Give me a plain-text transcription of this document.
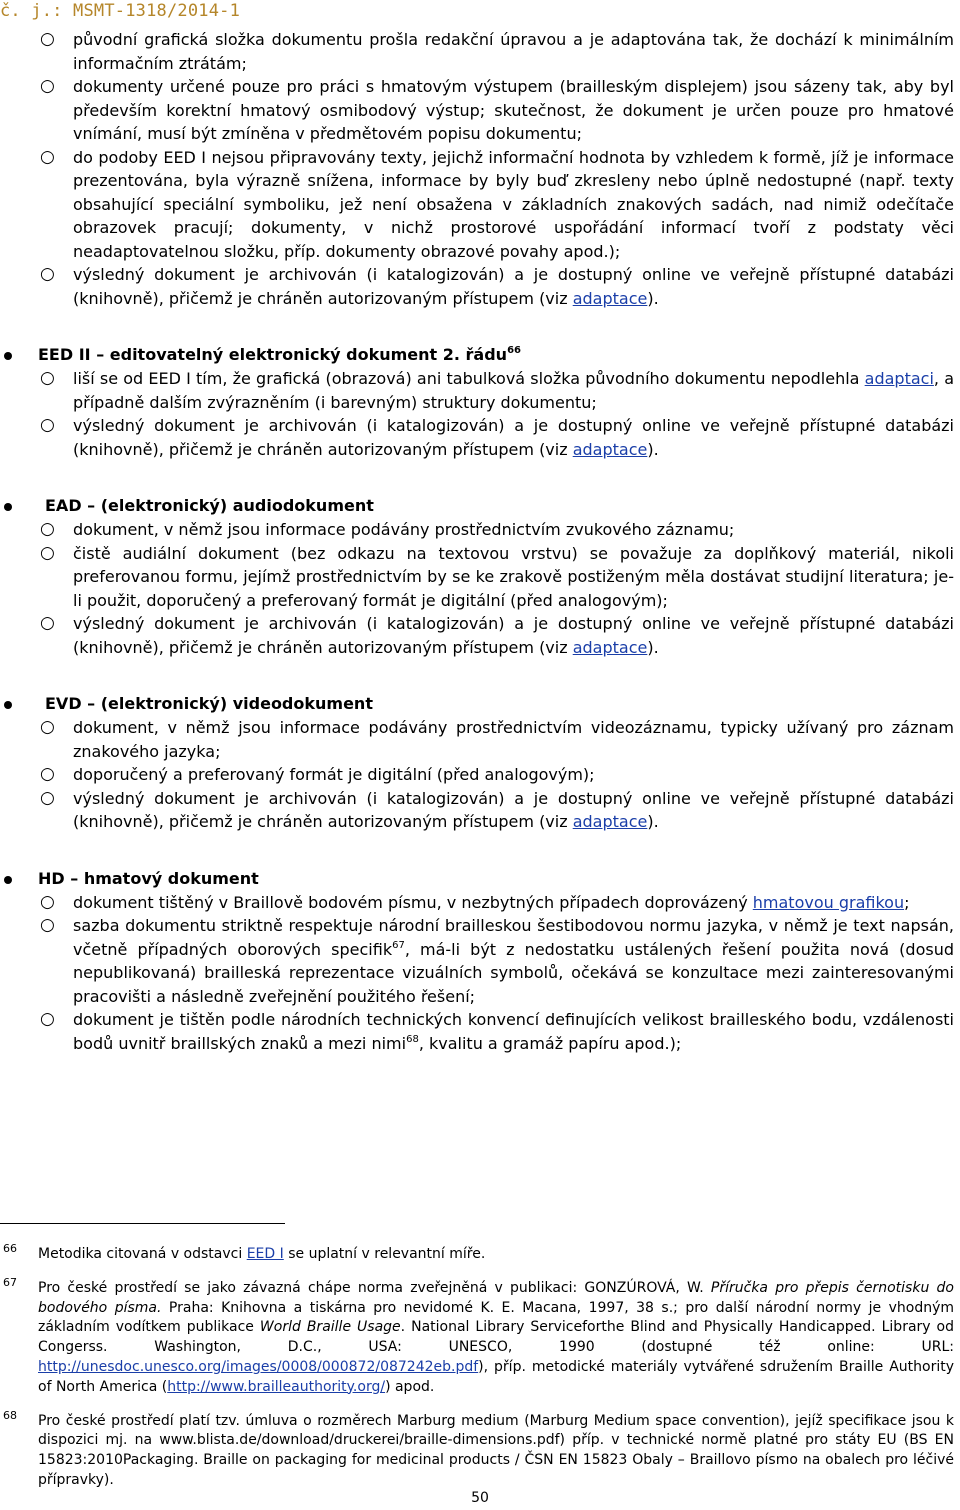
č. j.: MSMT-1318/2014-1
○ původní grafická složka dokumentu prošla redakční úpravou a je adaptována tak, že dochází k minimálním informačním ztrátám;
○ dokumenty určené pouze pro práci s hmatovým výstupem (brailleským displejem) jsou sázeny tak, aby byl především korektní hmatový osmibodový výstup; skutečnost, že dokument je určen pouze pro hmatové vnímání, musí být zmíněna v předmětovém popisu dokumentu;
○ do podoby EED I nejsou připravovány texty, jejichž informační hodnota by vzhledem k formě, jíž je informace prezentována, byla výrazně snížena, informace by byly buď zkresleny nebo úplně nedostupné (např. texty obsahující speciální symboliku, jež není obsažena v základních znakových sadách, nad nimiž odečítače obrazovek pracují; dokumenty, v nichž prostorové uspořádání informací tvoří z podstaty věci neadaptovatelnou složku, příp. dokumenty obrazové povahy apod.);
○ výsledný dokument je archivován (i katalogizován) a je dostupný online ve veřejně přístupné databázi (knihovně), přičemž je chráněn autorizovaným přístupem (viz adaptace).
EED II – editovatelný elektronický dokument 2. řádu$^{66}$
○ liší se od EED I tím, že grafická (obrazová) ani tabulková složka původního dokumentu nepodlehla adaptaci, a případně dalším zvýrazněním (i barevným) struktury dokumentu;
○ výsledný dokument je archivován (i katalogizován) a je dostupný online ve veřejně přístupné databázi (knihovně), přičemž je chráněn autorizovaným přístupem (viz adaptace).
EAD – (elektronický) audiodokument
○ dokument, v němž jsou informace podávány prostřednictvím zvukového záznamu;
○ čistě audiální dokument (bez odkazu na textovou vrstvu) se považuje za doplňkový materiál, nikoli preferovanou formu, jejímž prostřednictvím by se ke zrakově postiženým měla dostávat studijní literatura; je-li použit, doporučený a preferovaný formát je digitální (před analogovým);
○ výsledný dokument je archivován (i katalogizován) a je dostupný online ve veřejně přístupné databázi (knihovně), přičemž je chráněn autorizovaným přístupem (viz adaptace).
EVD – (elektronický) videodokument
○ dokument, v němž jsou informace podávány prostřednictvím videozáznamu, typicky užívaný pro záznam znakového jazyka;
○ doporučený a preferovaný formát je digitální (před analogovým);
○ výsledný dokument je archivován (i katalogizován) a je dostupný online ve veřejně přístupné databázi (knihovně), přičemž je chráněn autorizovaným přístupem (viz adaptace).
HD – hmatový dokument
○ dokument tištěný v Braillově bodovém písmu, v nezbytných případech doprovázený hmatovou grafikou;
○ sazba dokumentu striktně respektuje národní brailleskou šestibodovou normu jazyka, v němž je text napsán, včetně případných oborových specifik$^{67}$, má-li být z nedostatku ustálených řešení použita nová (dosud nepublikovaná) brailleská reprezentace vizuálních symbolů, očekává se konzultace mezi zainteresovanými pracovišti a následně zveřejnění použitého řešení;
○ dokument je tištěn podle národních technických konvencí definujících velikost brailleského bodu, vzdálenosti bodů uvnitř braillských znaků a mezi nimi$^{68}$, kvalitu a gramáž papíru apod.);
66 Metodika citovaná v odstavci EED I se uplatní v relevantní míře.
67 Pro české prostředí se jako závazná chápe norma zveřejněná v publikaci: GONZÚROVÁ, W. Příručka pro přepis černotisku do bodového písma. Praha: Knihovna a tiskárna pro nevidomé K. E. Macana, 1997, 38 s.; pro další národní normy je vhodným základním vodítkem publikace World Braille Usage. National Library Serviceforthe Blind and Physically Handicapped. Library od Congerss. Washington, D.C., USA: UNESCO, 1990 (dostupné též online: URL: http://unesdoc.unesco.org/images/0008/000872/087242eb.pdf), příp. metodické materiály vytvářené sdružením Braille Authority of North America (http://www.brailleauthority.org/) apod.
68 Pro české prostředí platí tzv. úmluva o rozměrech Marburg medium (Marburg Medium space convention), jejíž specifikace jsou k dispozici mj. na www.blista.de/download/druckerei/braille-dimensions.pdf) příp. v technické normě platné pro státy EU (BS EN 15823:2010Packaging. Braille on packaging for medicinal products / ČSN EN 15823 Obaly – Braillovo písmo na obalech pro léčivé přípravky).
50
